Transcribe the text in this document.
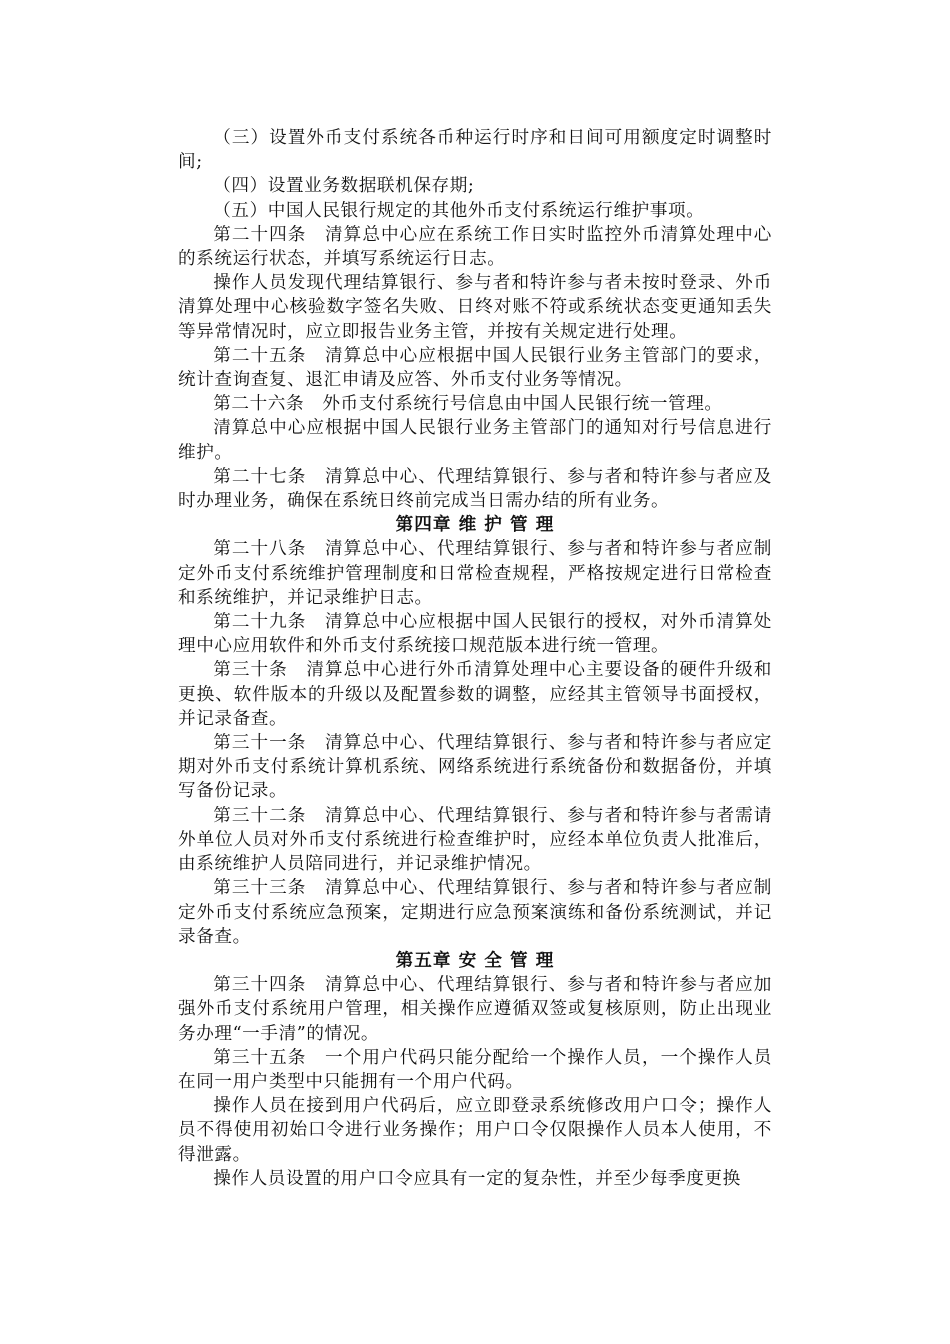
（三）设置外币支付系统各币种运行时序和日间可用额度定时调整时间;

（四）设置业务数据联机保存期;

（五）中国人民银行规定的其他外币支付系统运行维护事项。

第二十四条　清算总中心应在系统工作日实时监控外币清算处理中心的系统运行状态，并填写系统运行日志。

操作人员发现代理结算银行、参与者和特许参与者未按时登录、外币清算处理中心核验数字签名失败、日终对账不符或系统状态变更通知丢失等异常情况时，应立即报告业务主管，并按有关规定进行处理。

第二十五条　清算总中心应根据中国人民银行业务主管部门的要求，统计查询查复、退汇申请及应答、外币支付业务等情况。

第二十六条　外币支付系统行号信息由中国人民银行统一管理。

清算总中心应根据中国人民银行业务主管部门的通知对行号信息进行维护。

第二十七条　清算总中心、代理结算银行、参与者和特许参与者应及时办理业务，确保在系统日终前完成当日需办结的所有业务。

第四章 维 护 管 理

第二十八条　清算总中心、代理结算银行、参与者和特许参与者应制定外币支付系统维护管理制度和日常检查规程，严格按规定进行日常检查和系统维护，并记录维护日志。

第二十九条　清算总中心应根据中国人民银行的授权，对外币清算处理中心应用软件和外币支付系统接口规范版本进行统一管理。

第三十条　清算总中心进行外币清算处理中心主要设备的硬件升级和更换、软件版本的升级以及配置参数的调整，应经其主管领导书面授权，并记录备查。

第三十一条　清算总中心、代理结算银行、参与者和特许参与者应定期对外币支付系统计算机系统、网络系统进行系统备份和数据备份，并填写备份记录。

第三十二条　清算总中心、代理结算银行、参与者和特许参与者需请外单位人员对外币支付系统进行检查维护时，应经本单位负责人批准后，由系统维护人员陪同进行，并记录维护情况。

第三十三条　清算总中心、代理结算银行、参与者和特许参与者应制定外币支付系统应急预案，定期进行应急预案演练和备份系统测试，并记录备查。

第五章 安 全 管 理

第三十四条　清算总中心、代理结算银行、参与者和特许参与者应加强外币支付系统用户管理，相关操作应遵循双签或复核原则，防止出现业务办理“一手清”的情况。

第三十五条　一个用户代码只能分配给一个操作人员，一个操作人员在同一用户类型中只能拥有一个用户代码。

操作人员在接到用户代码后，应立即登录系统修改用户口令；操作人员不得使用初始口令进行业务操作；用户口令仅限操作人员本人使用，不得泄露。

操作人员设置的用户口令应具有一定的复杂性，并至少每季度更换
